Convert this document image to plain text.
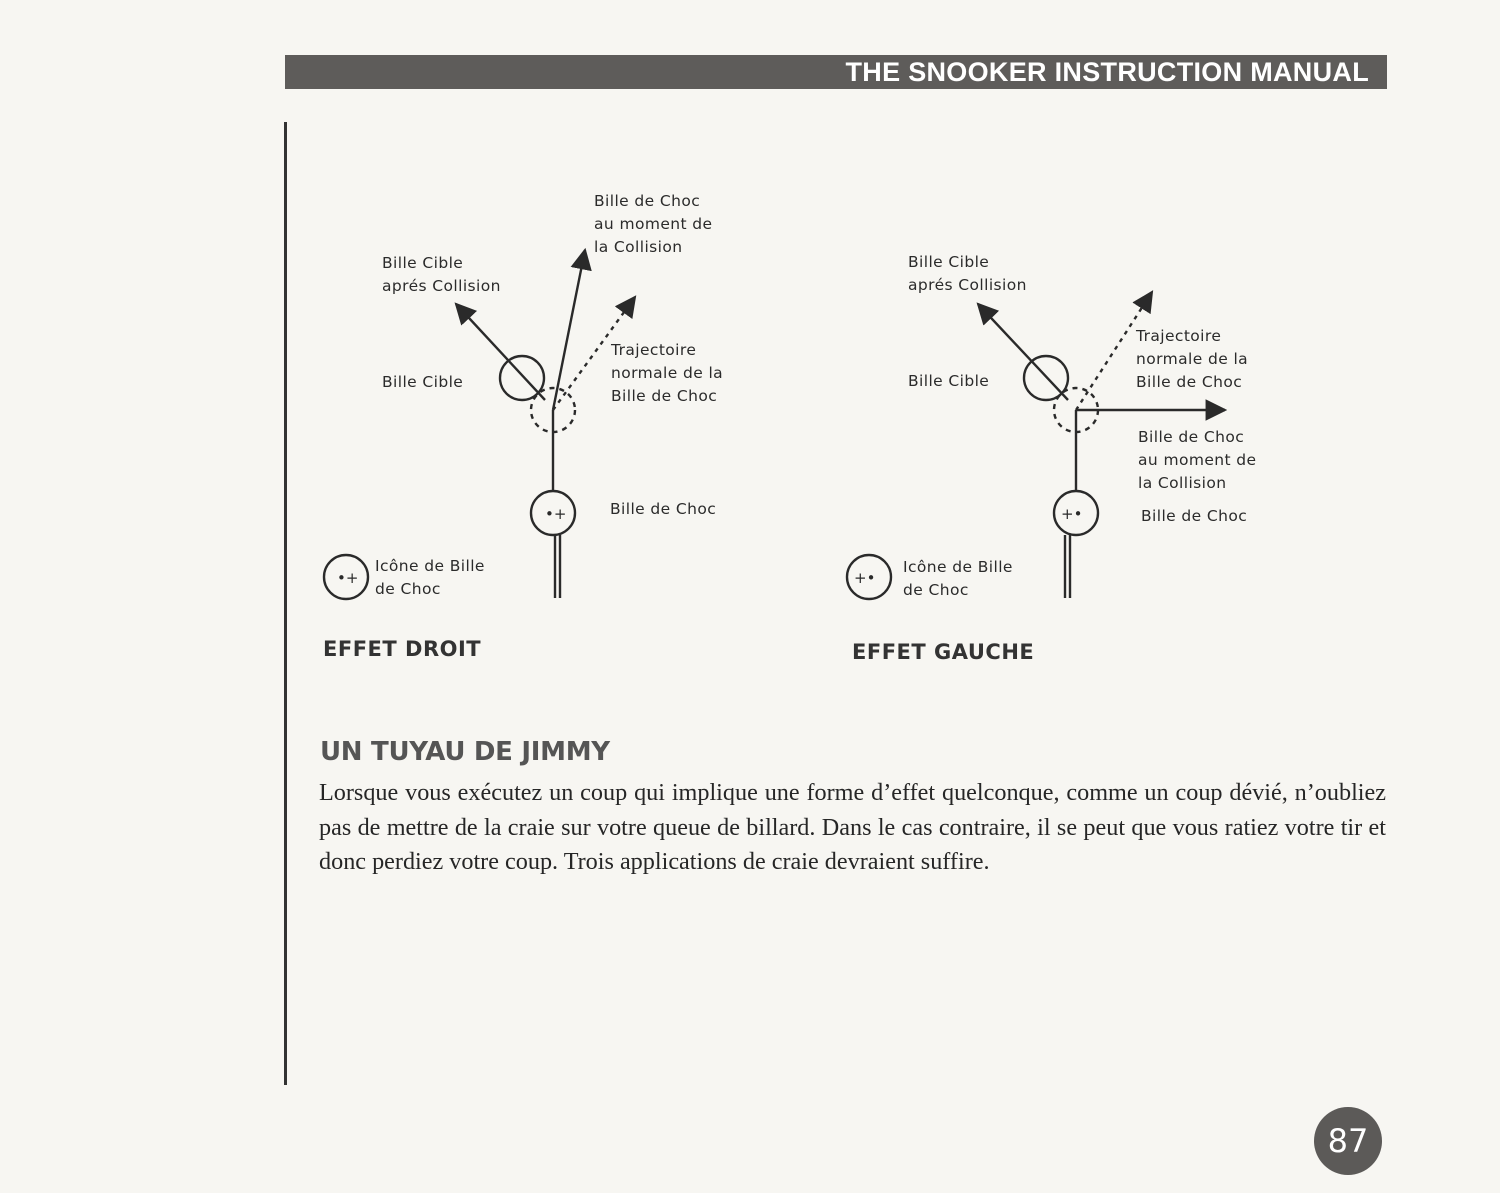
THE SNOOKER INSTRUCTION MANUAL
•+
•+
+•
+•
Bille de Choc
au moment de
la Collision
Bille Cible
aprés Collision
Bille Cible
Trajectoire
normale de la
Bille de Choc
Bille de Choc
Icône de Bille
de Choc
EFFET DROIT
Bille Cible
aprés Collision
Bille Cible
Trajectoire
normale de la
Bille de Choc
Bille de Choc
au moment de
la Collision
Bille de Choc
Icône de Bille
de Choc
EFFET GAUCHE
UN TUYAU DE JIMMY
Lorsque vous exécutez un coup qui implique une forme d’effet quelconque, comme un coup dévié, n’oubliez pas de mettre de la craie sur votre queue de billard. Dans le cas contraire, il se peut que vous ratiez votre tir et donc perdiez votre coup. Trois applications de craie devraient suffire.
87
